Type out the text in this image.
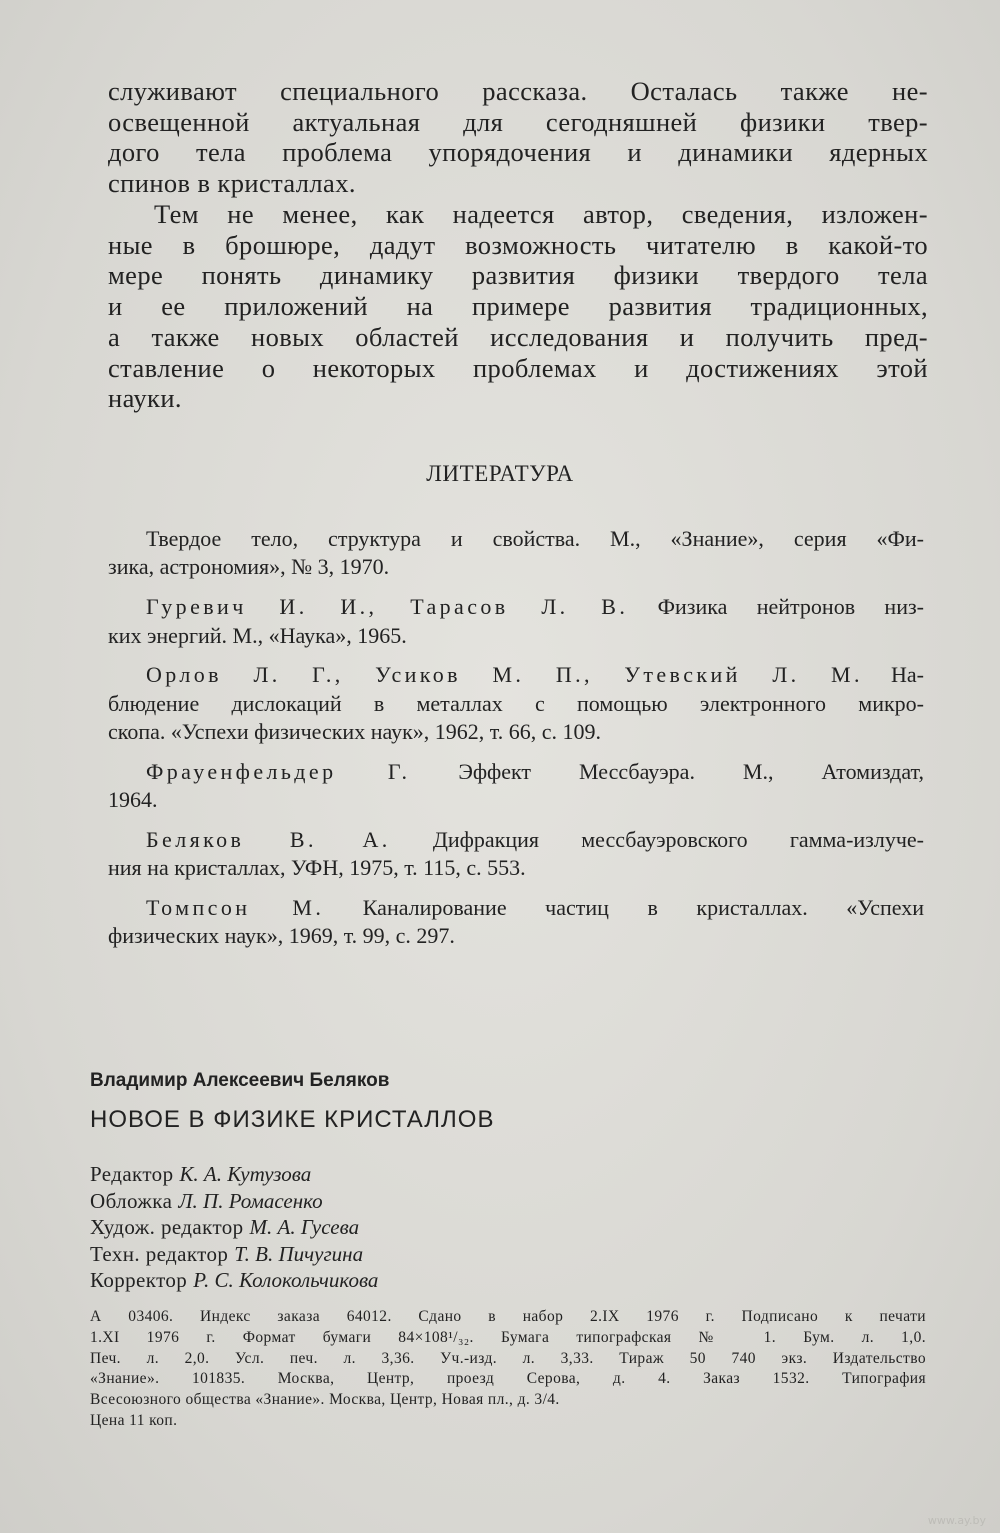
служивают специального рассказа. Осталась также не-
освещенной актуальная для сегодняшней физики твер-
дого тела проблема упорядочения и динамики ядерных
спинов в кристаллах.

Тем не менее, как надеется автор, сведения, изложен-
ные в брошюре, дадут возможность читателю в какой-то
мере понять динамику развития физики твердого тела
и ее приложений на примере развития традиционных,
а также новых областей исследования и получить пред-
ставление о некоторых проблемах и достижениях этой
науки.

ЛИТЕРАТУРА
Твердое тело, структура и свойства. М., «Знание», серия «Фи-
зика, астрономия», № 3, 1970.
Гуревич И. И., Тарасов Л. В. Физика нейтронов низ-
ких энергий. М., «Наука», 1965.
Орлов Л. Г., Усиков М. П., Утевский Л. М. На-
блюдение дислокаций в металлах с помощью электронного микро-
скопа. «Успехи физических наук», 1962, т. 66, с. 109.
Фрауенфельдер Г. Эффект Мессбауэра. М., Атомиздат,
1964.
Беляков В. А. Дифракция мессбауэровского гамма-излуче-
ния на кристаллах, УФН, 1975, т. 115, с. 553.
Томпсон М. Каналирование частиц в кристаллах. «Успехи
физических наук», 1969, т. 99, с. 297.
Владимир Алексеевич Беляков
НОВОЕ В ФИЗИКЕ КРИСТАЛЛОВ
Редактор К. А. Кутузова
Обложка Л. П. Ромасенко
Худож. редактор М. А. Гусева
Техн. редактор Т. В. Пичугина
Корректор Р. С. Колокольчикова
А 03406. Индекс заказа 64012. Сдано в набор 2.IX 1976 г. Подписано к печати
1.XI 1976 г. Формат бумаги 84×108¹/₃₂. Бумага типографская № 1. Бум. л. 1,0.
Печ. л. 2,0. Усл. печ. л. 3,36. Уч.-изд. л. 3,33. Тираж 50 740 экз. Издательство
«Знание». 101835. Москва, Центр, проезд Серова, д. 4. Заказ 1532. Типография
Всесоюзного общества «Знание». Москва, Центр, Новая пл., д. 3/4.
Цена 11 коп.
www.ay.by
